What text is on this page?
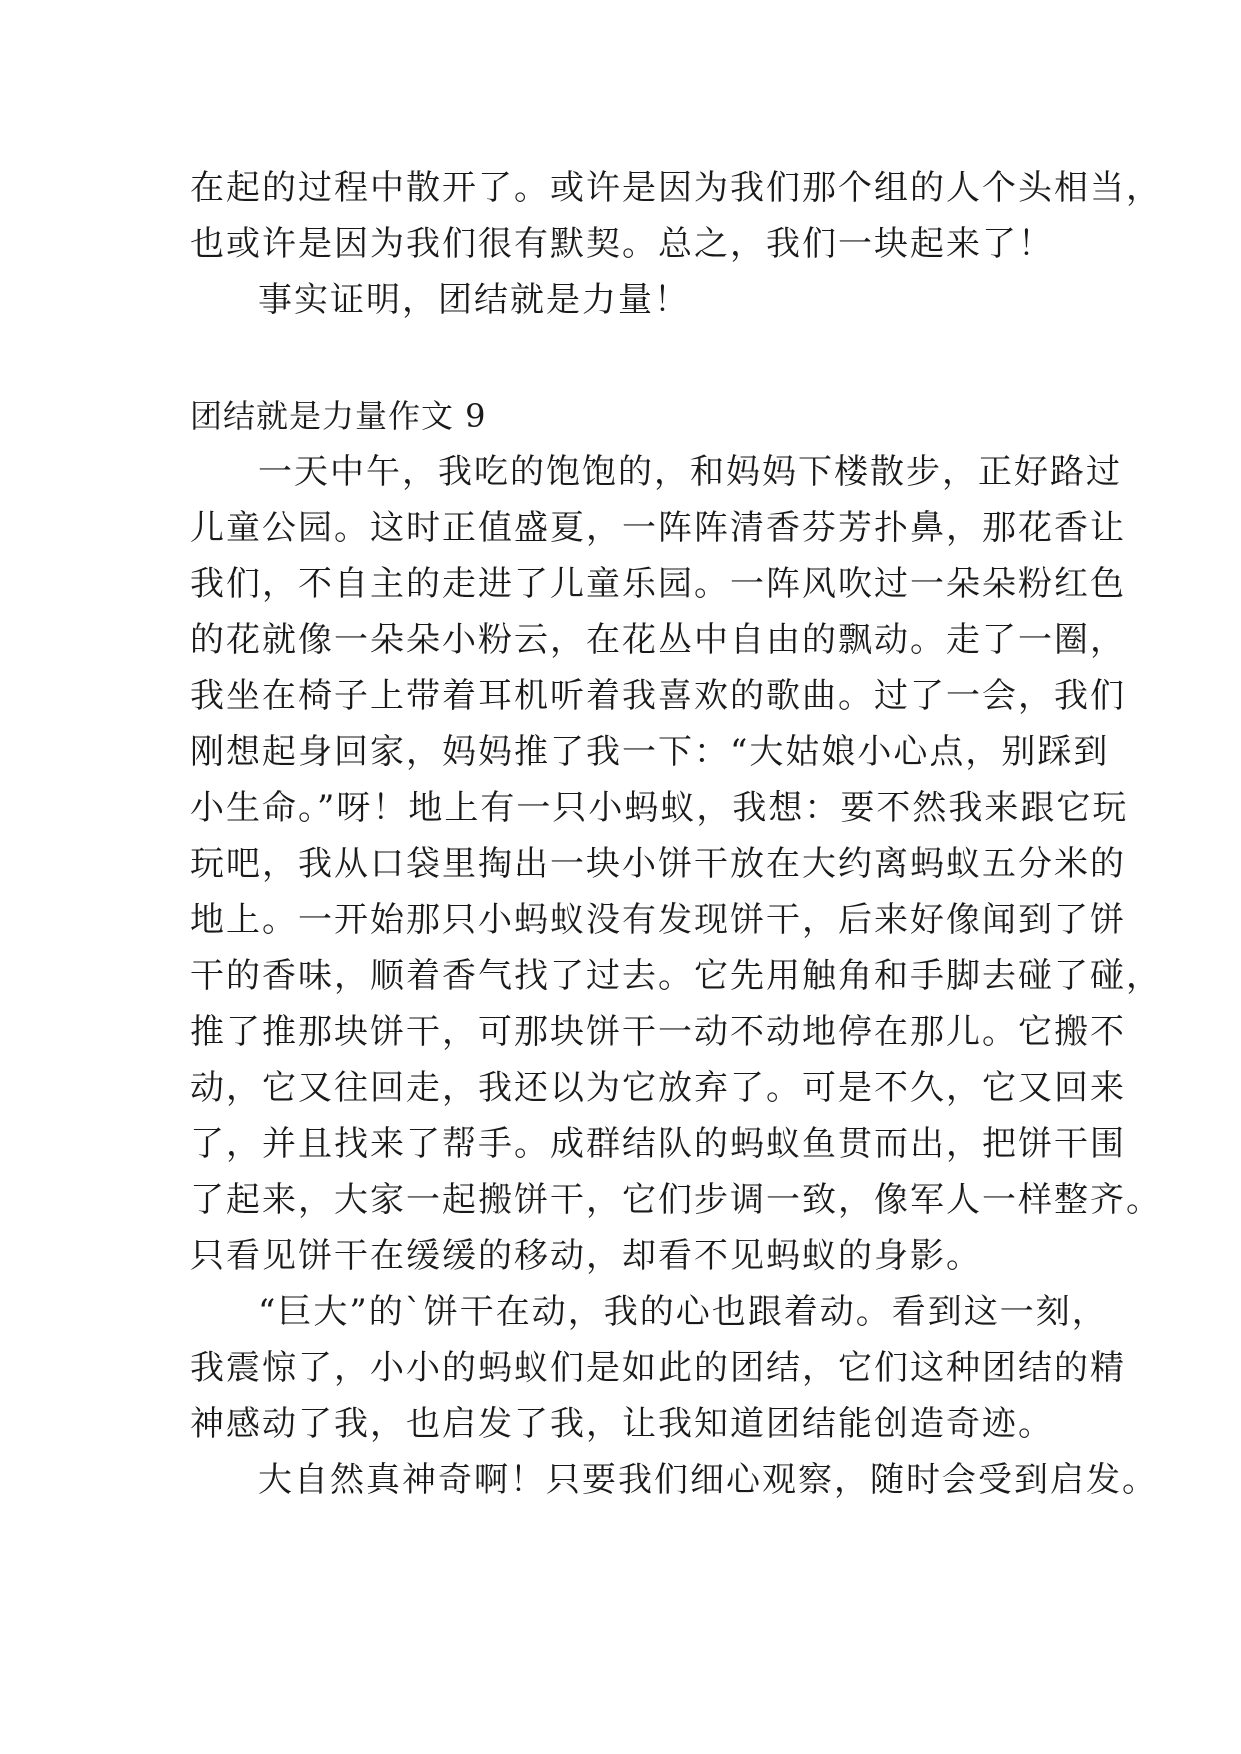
在起的过程中散开了。或许是因为我们那个组的人个头相当，
也或许是因为我们很有默契。总之，我们一块起来了！
事实证明，团结就是力量！
团结就是力量作文 9
一天中午，我吃的饱饱的，和妈妈下楼散步，正好路过
儿童公园。这时正值盛夏，一阵阵清香芬芳扑鼻，那花香让
我们，不自主的走进了儿童乐园。一阵风吹过一朵朵粉红色
的花就像一朵朵小粉云，在花丛中自由的飘动。走了一圈，
我坐在椅子上带着耳机听着我喜欢的歌曲。过了一会，我们
刚想起身回家，妈妈推了我一下：“大姑娘小心点，别踩到
小生命。”呀！地上有一只小蚂蚁，我想：要不然我来跟它玩
玩吧，我从口袋里掏出一块小饼干放在大约离蚂蚁五分米的
地上。一开始那只小蚂蚁没有发现饼干，后来好像闻到了饼
干的香味，顺着香气找了过去。它先用触角和手脚去碰了碰，
推了推那块饼干，可那块饼干一动不动地停在那儿。它搬不
动，它又往回走，我还以为它放弃了。可是不久，它又回来
了，并且找来了帮手。成群结队的蚂蚁鱼贯而出，把饼干围
了起来，大家一起搬饼干，它们步调一致，像军人一样整齐。
只看见饼干在缓缓的移动，却看不见蚂蚁的身影。
“巨大”的`饼干在动，我的心也跟着动。看到这一刻，
我震惊了，小小的蚂蚁们是如此的团结，它们这种团结的精
神感动了我，也启发了我，让我知道团结能创造奇迹。
大自然真神奇啊！只要我们细心观察，随时会受到启发。
